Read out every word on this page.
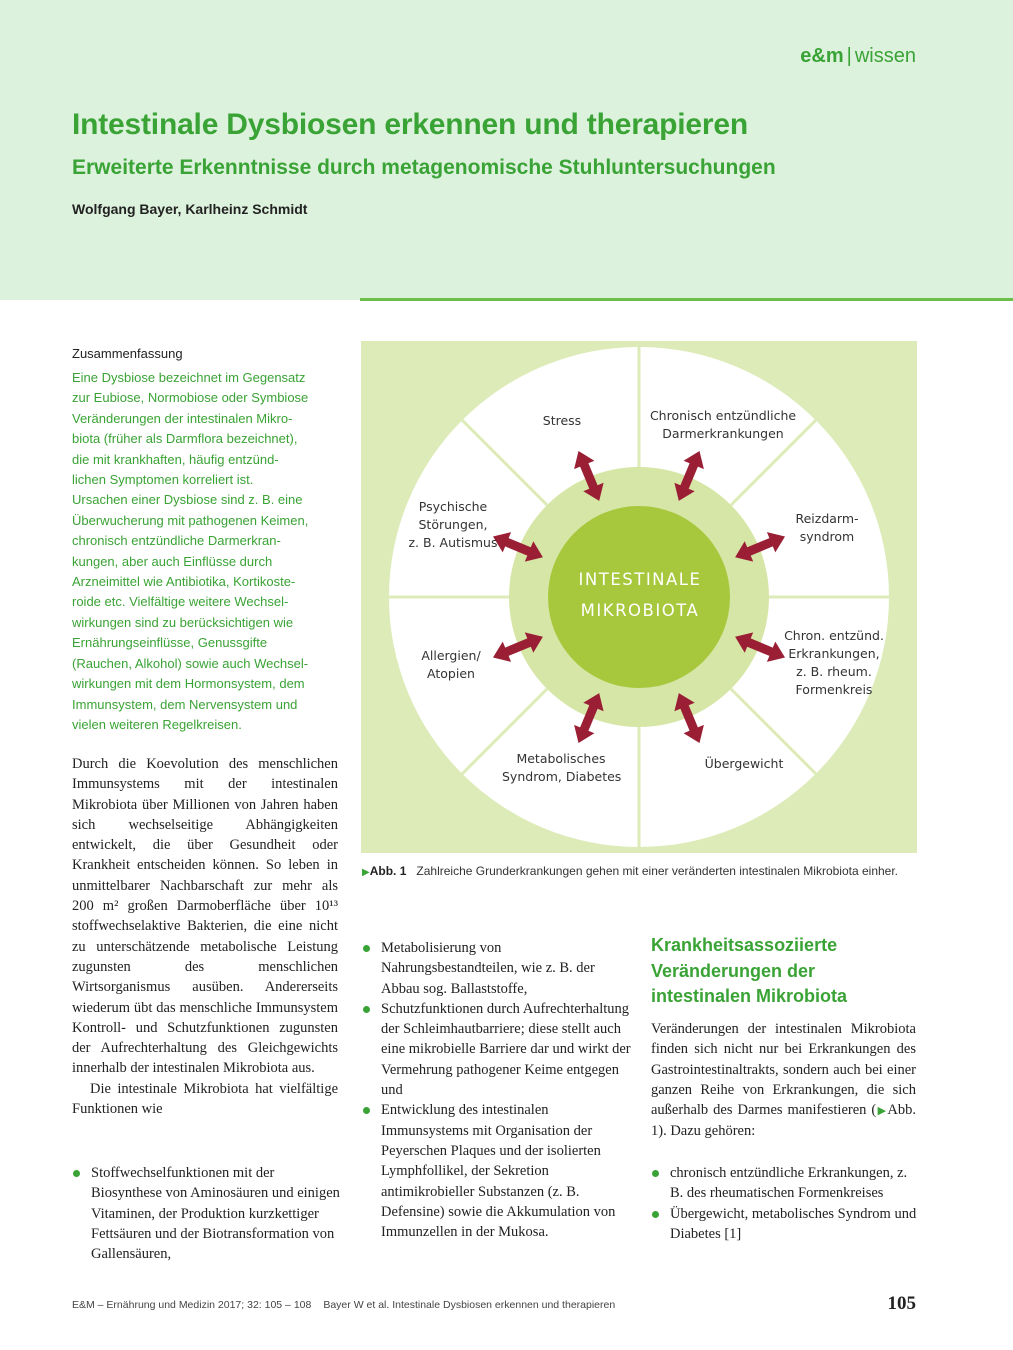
e&m | wissen
Intestinale Dysbiosen erkennen und therapieren
Erweiterte Erkenntnisse durch metagenomische Stuhluntersuchungen
Wolfgang Bayer, Karlheinz Schmidt
Zusammenfassung
Eine Dysbiose bezeichnet im Gegensatz
zur Eubiose, Normobiose oder Symbiose
Veränderungen der intestinalen Mikro-
biota (früher als Darmflora bezeichnet),
die mit krankhaften, häufig entzünd-
lichen Symptomen korreliert ist.
Ursachen einer Dysbiose sind z. B. eine
Überwucherung mit pathogenen Keimen,
chronisch entzündliche Darmerkran-
kungen, aber auch Einflüsse durch
Arzneimittel wie Antibiotika, Kortikoste-
roide etc. Vielfältige weitere Wechsel-
wirkungen sind zu berücksichtigen wie
Ernährungseinflüsse, Genussgifte
(Rauchen, Alkohol) sowie auch Wechsel-
wirkungen mit dem Hormonsystem, dem
Immunsystem, dem Nervensystem und
vielen weiteren Regelkreisen.

Durch die Koevolution des menschlichen Immunsystems mit der intestinalen Mikrobiota über Millionen von Jahren haben sich wechselseitige Abhängigkeiten entwickelt, die über Gesundheit oder Krankheit entscheiden können. So leben in unmittelbarer Nachbarschaft zur mehr als 200 m² großen Darmoberfläche über 10¹³ stoffwechselaktive Bakterien, die eine nicht zu unterschätzende metabolische Leistung zugunsten des menschlichen Wirtsorganismus ausüben. Andererseits wiederum übt das menschliche Immunsystem Kontroll- und Schutzfunktionen zugunsten der Aufrechterhaltung des Gleichgewichts innerhalb der intestinalen Mikrobiota aus.

Die intestinale Mikrobiota hat vielfältige Funktionen wie

Stoffwechselfunktionen mit der Biosynthese von Aminosäuren und einigen Vitaminen, der Produktion kurzkettiger Fettsäuren und der Biotransformation von Gallensäuren,
Stress	Chronisch entzündliche
Darmerkrankungen
Reizdarm-
syndrom
Chron. entzünd.
Erkrankungen,
z. B. rheum.
Formenkreis
Übergewicht
Metabolisches
Syndrom, Diabetes
Allergien/
Atopien
Psychische
Störungen,
z. B. Autismus
INTESTINALE
MIKROBIOTA
▶Abb. 1 Zahlreiche Grunderkrankungen gehen mit einer veränderten intestinalen Mikrobiota einher.
Metabolisierung von Nahrungsbestandteilen, wie z. B. der Abbau sog. Ballaststoffe,
Schutzfunktionen durch Aufrechterhaltung der Schleimhautbarriere; diese stellt auch eine mikrobielle Barriere dar und wirkt der Vermehrung pathogener Keime entgegen und
Entwicklung des intestinalen Immunsystems mit Organisation der Peyerschen Plaques und der isolierten Lymphfollikel, der Sekretion antimikrobieller Substanzen (z. B. Defensine) sowie die Akkumulation von Immunzellen in der Mukosa.
Krankheitsassoziierte
Veränderungen der
intestinalen Mikrobiota
Veränderungen der intestinalen Mikrobiota finden sich nicht nur bei Erkrankungen des Gastrointestinaltrakts, sondern auch bei einer ganzen Reihe von Erkrankungen, die sich außerhalb des Darmes manifestieren (▶Abb. 1). Dazu gehören:
chronisch entzündliche Erkrankungen, z. B. des rheumatischen Formenkreises
Übergewicht, metabolisches Syndrom und Diabetes [1]
E&M – Ernährung und Medizin 2017; 32: 105 – 108 Bayer W et al. Intestinale Dysbiosen erkennen und therapieren	105
